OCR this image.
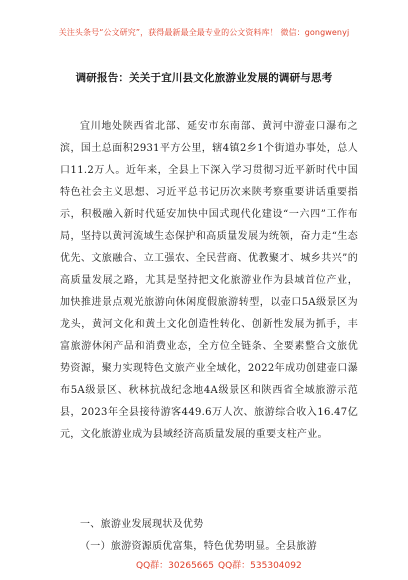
关注头条号“公文研究”，获得最新最全最专业的公文资料库！ 微信：gongwenyj
调研报告：关关于宜川县文化旅游业发展的调研与思考

宜川地处陕西省北部、延安市东南部、黄河中游壶口瀑布之滨，国土总面积2931平方公里，辖4镇2乡1个街道办事处，总人口11.2万人。近年来，全县上下深入学习贯彻习近平新时代中国特色社会主义思想、习近平总书记历次来陕考察重要讲话重要指示，积极融入新时代延安加快中国式现代化建设“一六四”工作布局，坚持以黄河流域生态保护和高质量发展为统领，奋力走“生态优先、文旅融合、立工强农、全民营商、优教聚才、城乡共兴”的高质量发展之路，尤其是坚持把文化旅游业作为县域首位产业，加快推进景点观光旅游向休闲度假旅游转型，以壶口5A级景区为龙头，黄河文化和黄土文化创造性转化、创新性发展为抓手，丰富旅游休闲产品和消费业态，全方位全链条、全要素整合文旅优势资源，聚力实现特色文旅产业全域化，2022年成功创建壶口瀑布5A级景区、秋林抗战纪念地4A级景区和陕西省全域旅游示范县，2023年全县接待游客449.6万人次、旅游综合收入16.47亿元，文化旅游业成为县域经济高质量发展的重要支柱产业。

一、旅游业发展现状及优势
（一）旅游资源质优富集，特色优势明显。全县旅游
QQ群：30265665 QQ群：535304092
